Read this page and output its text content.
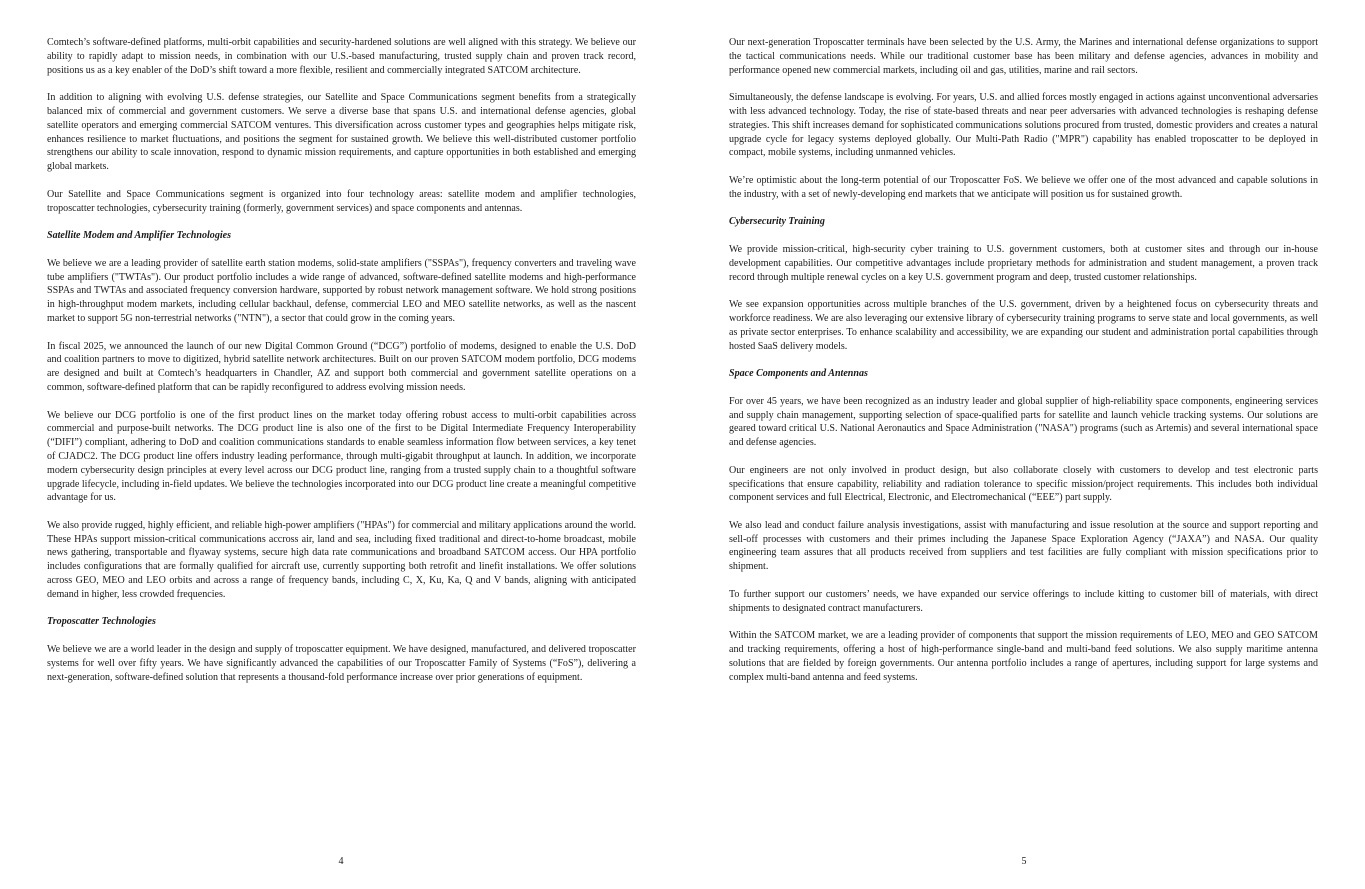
Comtech’s software-defined platforms, multi-orbit capabilities and security-hardened solutions are well aligned with this strategy. We believe our ability to rapidly adapt to mission needs, in combination with our U.S.-based manufacturing, trusted supply chain and proven track record, positions us as a key enabler of the DoD’s shift toward a more flexible, resilient and commercially integrated SATCOM architecture.

In addition to aligning with evolving U.S. defense strategies, our Satellite and Space Communications segment benefits from a strategically balanced mix of commercial and government customers. We serve a diverse base that spans U.S. and international defense agencies, global satellite operators and emerging commercial SATCOM ventures. This diversification across customer types and geographies helps mitigate risk, enhances resilience to market fluctuations, and positions the segment for sustained growth. We believe this well-distributed customer portfolio strengthens our ability to scale innovation, respond to dynamic mission requirements, and capture opportunities in both established and emerging global markets.

Our Satellite and Space Communications segment is organized into four technology areas: satellite modem and amplifier technologies, troposcatter technologies, cybersecurity training (formerly, government services) and space components and antennas.

Satellite Modem and Amplifier Technologies

We believe we are a leading provider of satellite earth station modems, solid-state amplifiers ("SSPAs"), frequency converters and traveling wave tube amplifiers ("TWTAs"). Our product portfolio includes a wide range of advanced, software-defined satellite modems and high-performance SSPAs and TWTAs and associated frequency conversion hardware, supported by robust network management software. We hold strong positions in high-throughput modem markets, including cellular backhaul, defense, commercial LEO and MEO satellite networks, as well as the nascent market to support 5G non-terrestrial networks ("NTN"), a sector that could grow in the coming years.

In fiscal 2025, we announced the launch of our new Digital Common Ground (“DCG”) portfolio of modems, designed to enable the U.S. DoD and coalition partners to move to digitized, hybrid satellite network architectures. Built on our proven SATCOM modem portfolio, DCG modems are designed and built at Comtech’s headquarters in Chandler, AZ and support both commercial and government satellite operations on a common, software-defined platform that can be rapidly reconfigured to address evolving mission needs.

We believe our DCG portfolio is one of the first product lines on the market today offering robust access to multi-orbit capabilities across commercial and purpose-built networks. The DCG product line is also one of the first to be Digital Intermediate Frequency Interoperability (“DIFI”) compliant, adhering to DoD and coalition communications standards to enable seamless information flow between services, a key tenet of CJADC2. The DCG product line offers industry leading performance, through multi-gigabit throughput at launch. In addition, we incorporate modern cybersecurity design principles at every level across our DCG product line, ranging from a trusted supply chain to a thoughtful software upgrade lifecycle, including in-field updates. We believe the technologies incorporated into our DCG product line create a meaningful competitive advantage for us.

We also provide rugged, highly efficient, and reliable high-power amplifiers ("HPAs") for commercial and military applications around the world. These HPAs support mission-critical communications accross air, land and sea, including fixed traditional and direct-to-home broadcast, mobile news gathering, transportable and flyaway systems, secure high data rate communications and broadband SATCOM access. Our HPA portfolio includes configurations that are formally qualified for aircraft use, currently supporting both retrofit and linefit installations. We offer solutions across GEO, MEO and LEO orbits and across a range of frequency bands, including C, X, Ku, Ka, Q and V bands, aligning with anticipated demand in higher, less crowded frequencies.

Troposcatter Technologies

We believe we are a world leader in the design and supply of troposcatter equipment. We have designed, manufactured, and delivered troposcatter systems for well over fifty years. We have significantly advanced the capabilities of our Troposcatter Family of Systems (“FoS”), delivering a next-generation, software-defined solution that represents a thousand-fold performance increase over prior generations of equipment.

4

Our next-generation Troposcatter terminals have been selected by the U.S. Army, the Marines and international defense organizations to support the tactical communications needs. While our traditional customer base has been military and defense agencies, advances in mobility and performance opened new commercial markets, including oil and gas, utilities, marine and rail sectors.

Simultaneously, the defense landscape is evolving. For years, U.S. and allied forces mostly engaged in actions against unconventional adversaries with less advanced technology. Today, the rise of state-based threats and near peer adversaries with advanced technologies is reshaping defense strategies. This shift increases demand for sophisticated communications solutions procured from trusted, domestic providers and creates a natural upgrade cycle for legacy systems deployed globally. Our Multi-Path Radio ("MPR") capability has enabled troposcatter to be deployed in compact, mobile systems, including unmanned vehicles.

We’re optimistic about the long-term potential of our Troposcatter FoS. We believe we offer one of the most advanced and capable solutions in the industry, with a set of newly-developing end markets that we anticipate will position us for sustained growth.

Cybersecurity Training

We provide mission-critical, high-security cyber training to U.S. government customers, both at customer sites and through our in-house development capabilities. Our competitive advantages include proprietary methods for administration and student management, a proven track record through multiple renewal cycles on a key U.S. government program and deep, trusted customer relationships.

We see expansion opportunities across multiple branches of the U.S. government, driven by a heightened focus on cybersecurity threats and workforce readiness. We are also leveraging our extensive library of cybersecurity training programs to serve state and local governments, as well as private sector enterprises. To enhance scalability and accessibility, we are expanding our student and administration portal capabilities through hosted SaaS delivery models.

Space Components and Antennas

For over 45 years, we have been recognized as an industry leader and global supplier of high-reliability space components, engineering services and supply chain management, supporting selection of space-qualified parts for satellite and launch vehicle tracking systems. Our solutions are geared toward critical U.S. National Aeronautics and Space Administration ("NASA") programs (such as Artemis) and several international space and defense agencies.

Our engineers are not only involved in product design, but also collaborate closely with customers to develop and test electronic parts specifications that ensure capability, reliability and radiation tolerance to specific mission/project requirements. This includes both individual component services and full Electrical, Electronic, and Electromechanical (“EEE”) part supply.

We also lead and conduct failure analysis investigations, assist with manufacturing and issue resolution at the source and support reporting and sell-off processes with customers and their primes including the Japanese Space Exploration Agency (“JAXA”) and NASA. Our quality engineering team assures that all products received from suppliers and test facilities are fully compliant with mission specifications prior to shipment.

To further support our customers’ needs, we have expanded our service offerings to include kitting to customer bill of materials, with direct shipments to designated contract manufacturers.

Within the SATCOM market, we are a leading provider of components that support the mission requirements of LEO, MEO and GEO SATCOM and tracking requirements, offering a host of high-performance single-band and multi-band feed solutions. We also supply maritime antenna solutions that are fielded by foreign governments. Our antenna portfolio includes a range of apertures, including support for large systems and complex multi-band antenna and feed systems.

5
